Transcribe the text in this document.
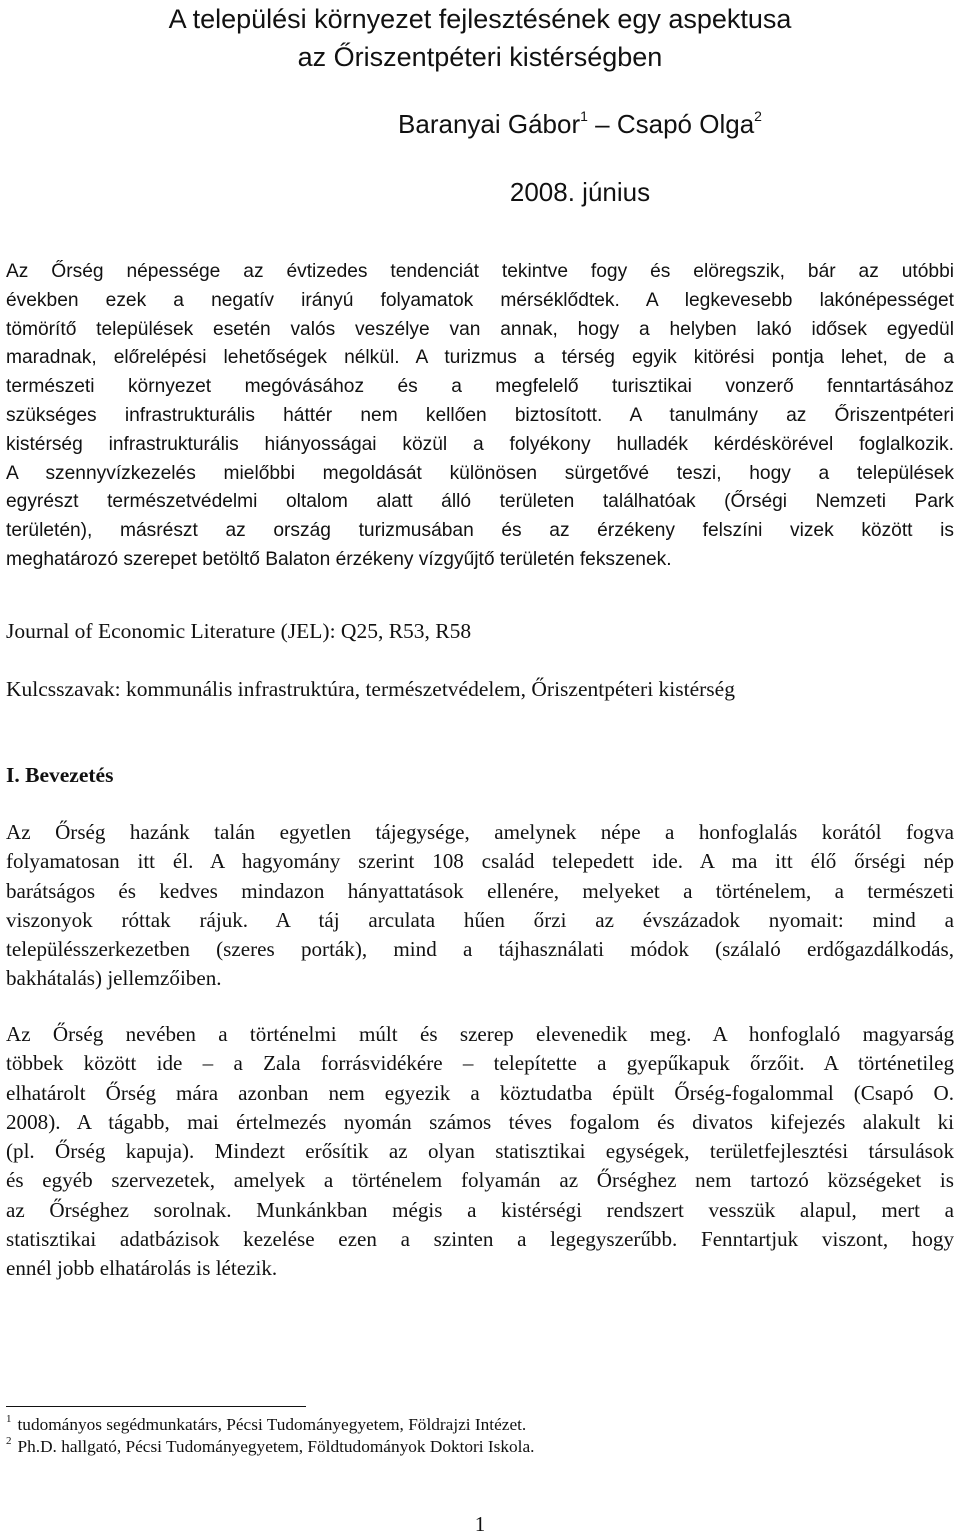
A települési környezet fejlesztésének egy aspektusa
az Őriszentpéteri kistérségben
Baranyai Gábor$^1$ – Csapó Olga$^2$
2008. június
Az Őrség népessége az évtizedes tendenciát tekintve fogy és elöregszik, bár az utóbbi
években ezek a negatív irányú folyamatok mérséklődtek. A legkevesebb lakónépességet
tömörítő települések esetén valós veszélye van annak, hogy a helyben lakó idősek egyedül
maradnak, előrelépési lehetőségek nélkül. A turizmus a térség egyik kitörési pontja lehet, de a
természeti környezet megóvásához és a megfelelő turisztikai vonzerő fenntartásához
szükséges infrastrukturális háttér nem kellően biztosított. A tanulmány az Őriszentpéteri
kistérség infrastrukturális hiányosságai közül a folyékony hulladék kérdéskörével foglalkozik.
A szennyvízkezelés mielőbbi megoldását különösen sürgetővé teszi, hogy a települések
egyrészt természetvédelmi oltalom alatt álló területen találhatóak (Őrségi Nemzeti Park
területén), másrészt az ország turizmusában és az érzékeny felszíni vizek között is
meghatározó szerepet betöltő Balaton érzékeny vízgyűjtő területén fekszenek.
Journal of Economic Literature (JEL): Q25, R53, R58
Kulcsszavak: kommunális infrastruktúra, természetvédelem, Őriszentpéteri kistérség
I. Bevezetés
Az Őrség hazánk talán egyetlen tájegysége, amelynek népe a honfoglalás korától fogva
folyamatosan itt él. A hagyomány szerint 108 család telepedett ide. A ma itt élő őrségi nép
barátságos és kedves mindazon hányattatások ellenére, melyeket a történelem, a természeti
viszonyok róttak rájuk. A táj arculata hűen őrzi az évszázadok nyomait: mind a
településszerkezetben (szeres porták), mind a tájhasználati módok (szálaló erdőgazdálkodás,
bakhátalás) jellemzőiben.
Az Őrség nevében a történelmi múlt és szerep elevenedik meg. A honfoglaló magyarság
többek között ide – a Zala forrásvidékére – telepítette a gyepűkapuk őrzőit. A történetileg
elhatárolt Őrség mára azonban nem egyezik a köztudatba épült Őrség-fogalommal (Csapó O.
2008). A tágabb, mai értelmezés nyomán számos téves fogalom és divatos kifejezés alakult ki
(pl. Őrség kapuja). Mindezt erősítik az olyan statisztikai egységek, területfejlesztési társulások
és egyéb szervezetek, amelyek a történelem folyamán az Őrséghez nem tartozó községeket is
az Őrséghez sorolnak. Munkánkban mégis a kistérségi rendszert vesszük alapul, mert a
statisztikai adatbázisok kezelése ezen a szinten a legegyszerűbb. Fenntartjuk viszont, hogy
ennél jobb elhatárolás is létezik.
$^1$ tudományos segédmunkatárs, Pécsi Tudományegyetem, Földrajzi Intézet.
$^2$ Ph.D. hallgató, Pécsi Tudományegyetem, Földtudományok Doktori Iskola.
1
